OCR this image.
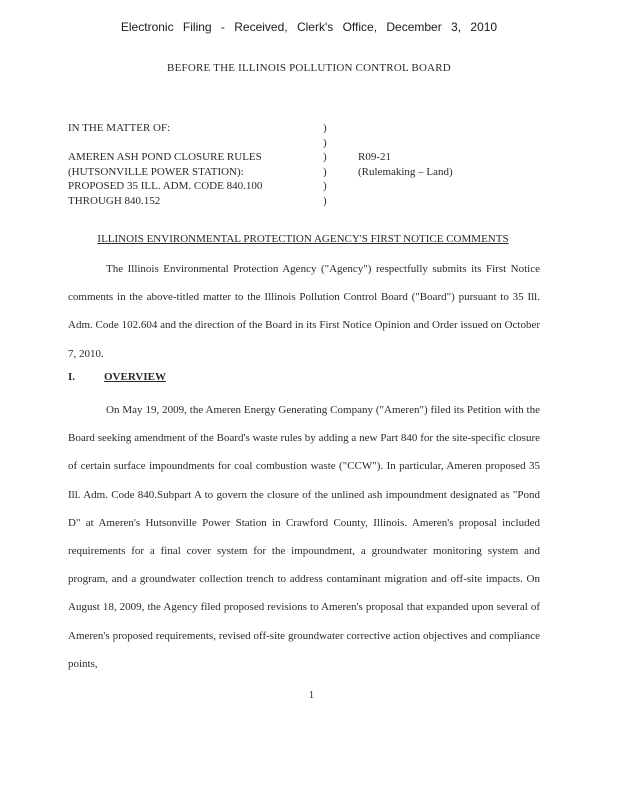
Electronic Filing - Received, Clerk's Office, December 3, 2010
BEFORE THE ILLINOIS POLLUTION CONTROL BOARD
IN THE MATTER OF:
AMEREN ASH POND CLOSURE RULES
(HUTSONVILLE POWER STATION):
PROPOSED 35 ILL. ADM. CODE 840.100
THROUGH 840.152
)
)
)
)
)
)
R09-21
(Rulemaking – Land)
ILLINOIS ENVIRONMENTAL PROTECTION AGENCY'S FIRST NOTICE COMMENTS

The Illinois Environmental Protection Agency ("Agency") respectfully submits its First Notice comments in the above-titled matter to the Illinois Pollution Control Board ("Board") pursuant to 35 Ill. Adm. Code 102.604 and the direction of the Board in its First Notice Opinion and Order issued on October 7, 2010.

I.	OVERVIEW

On May 19, 2009, the Ameren Energy Generating Company ("Ameren") filed its Petition with the Board seeking amendment of the Board's waste rules by adding a new Part 840 for the site-specific closure of certain surface impoundments for coal combustion waste ("CCW"). In particular, Ameren proposed 35 Ill. Adm. Code 840.Subpart A to govern the closure of the unlined ash impoundment designated as "Pond D" at Ameren's Hutsonville Power Station in Crawford County, Illinois. Ameren's proposal included requirements for a final cover system for the impoundment, a groundwater monitoring system and program, and a groundwater collection trench to address contaminant migration and off-site impacts. On August 18, 2009, the Agency filed proposed revisions to Ameren's proposal that expanded upon several of Ameren's proposed requirements, revised off-site groundwater corrective action objectives and compliance points,

1
